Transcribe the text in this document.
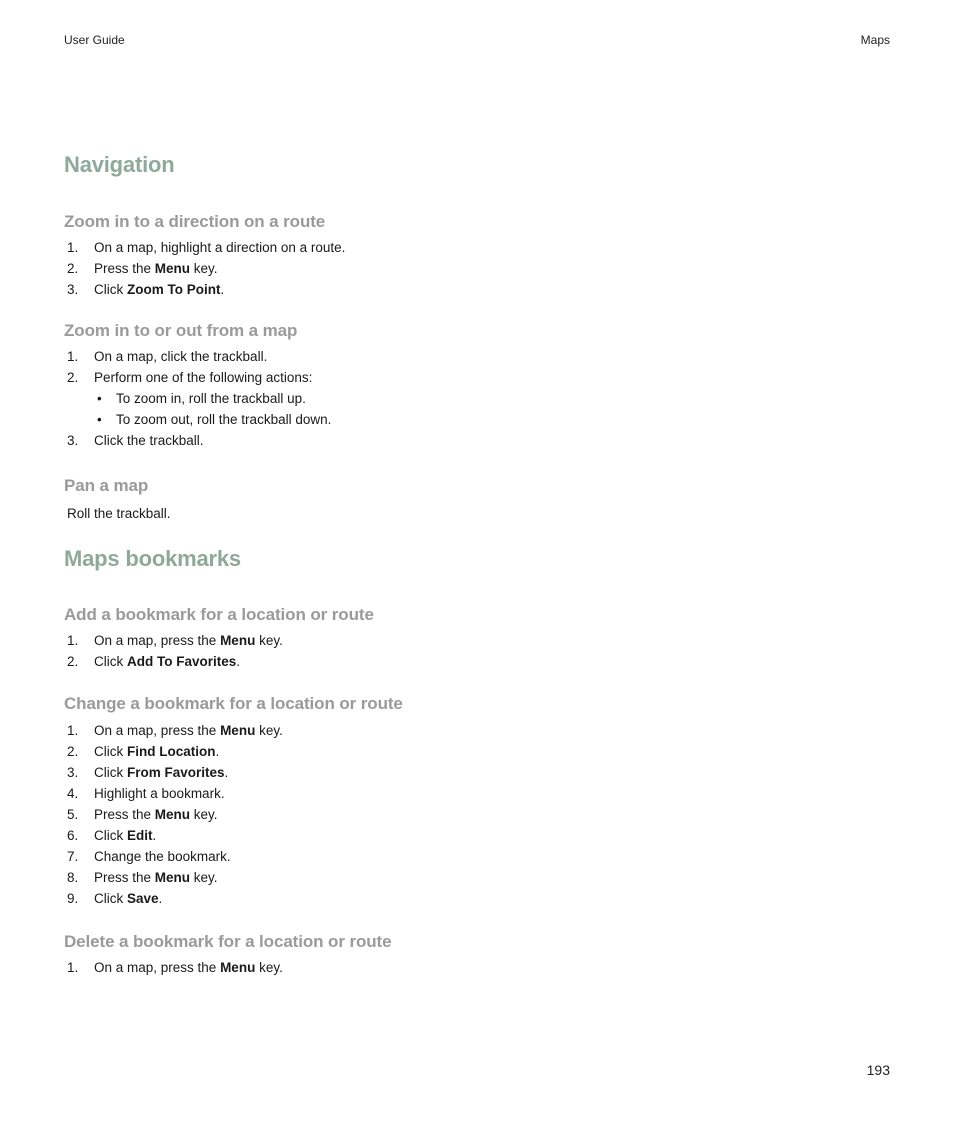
User Guide	Maps
Navigation
Zoom in to a direction on a route
1. On a map, highlight a direction on a route.
2. Press the Menu key.
3. Click Zoom To Point.
Zoom in to or out from a map
1. On a map, click the trackball.
2. Perform one of the following actions:
• To zoom in, roll the trackball up.
• To zoom out, roll the trackball down.
3. Click the trackball.
Pan a map
Roll the trackball.
Maps bookmarks
Add a bookmark for a location or route
1. On a map, press the Menu key.
2. Click Add To Favorites.
Change a bookmark for a location or route
1. On a map, press the Menu key.
2. Click Find Location.
3. Click From Favorites.
4. Highlight a bookmark.
5. Press the Menu key.
6. Click Edit.
7. Change the bookmark.
8. Press the Menu key.
9. Click Save.
Delete a bookmark for a location or route
1. On a map, press the Menu key.
193
